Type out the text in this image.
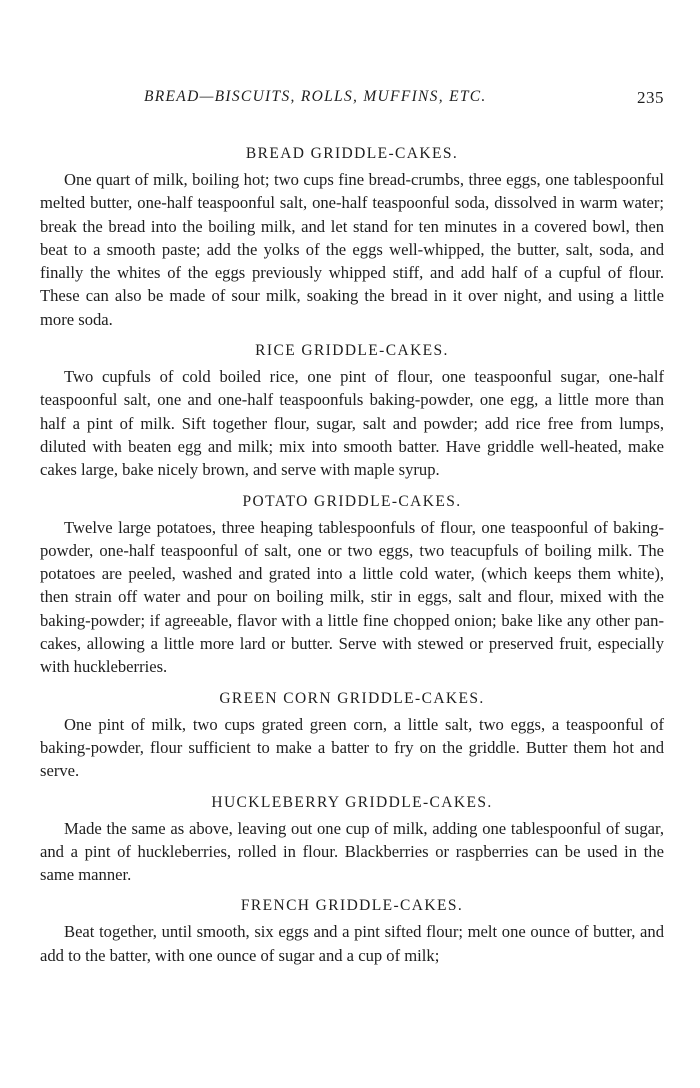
BREAD—BISCUITS, ROLLS, MUFFINS, ETC.	235
BREAD GRIDDLE-CAKES.

One quart of milk, boiling hot; two cups fine bread-crumbs, three eggs, one tablespoonful melted butter, one-half teaspoonful salt, one-half teaspoonful soda, dissolved in warm water; break the bread into the boiling milk, and let stand for ten minutes in a covered bowl, then beat to a smooth paste; add the yolks of the eggs well-whipped, the butter, salt, soda, and finally the whites of the eggs previously whipped stiff, and add half of a cupful of flour. These can also be made of sour milk, soaking the bread in it over night, and using a little more soda.

RICE GRIDDLE-CAKES.

Two cupfuls of cold boiled rice, one pint of flour, one teaspoonful sugar, one-half teaspoonful salt, one and one-half teaspoonfuls baking-powder, one egg, a little more than half a pint of milk. Sift together flour, sugar, salt and powder; add rice free from lumps, diluted with beaten egg and milk; mix into smooth batter. Have griddle well-heated, make cakes large, bake nicely brown, and serve with maple syrup.

POTATO GRIDDLE-CAKES.

Twelve large potatoes, three heaping tablespoonfuls of flour, one teaspoonful of baking-powder, one-half teaspoonful of salt, one or two eggs, two teacupfuls of boiling milk. The potatoes are peeled, washed and grated into a little cold water, (which keeps them white), then strain off water and pour on boiling milk, stir in eggs, salt and flour, mixed with the baking-powder; if agreeable, flavor with a little fine chopped onion; bake like any other pan-cakes, allowing a little more lard or butter. Serve with stewed or preserved fruit, especially with huckleberries.

GREEN CORN GRIDDLE-CAKES.

One pint of milk, two cups grated green corn, a little salt, two eggs, a teaspoonful of baking-powder, flour sufficient to make a batter to fry on the griddle. Butter them hot and serve.

HUCKLEBERRY GRIDDLE-CAKES.

Made the same as above, leaving out one cup of milk, adding one tablespoonful of sugar, and a pint of huckleberries, rolled in flour. Blackberries or raspberries can be used in the same manner.

FRENCH GRIDDLE-CAKES.

Beat together, until smooth, six eggs and a pint sifted flour; melt one ounce of butter, and add to the batter, with one ounce of sugar and a cup of milk;
